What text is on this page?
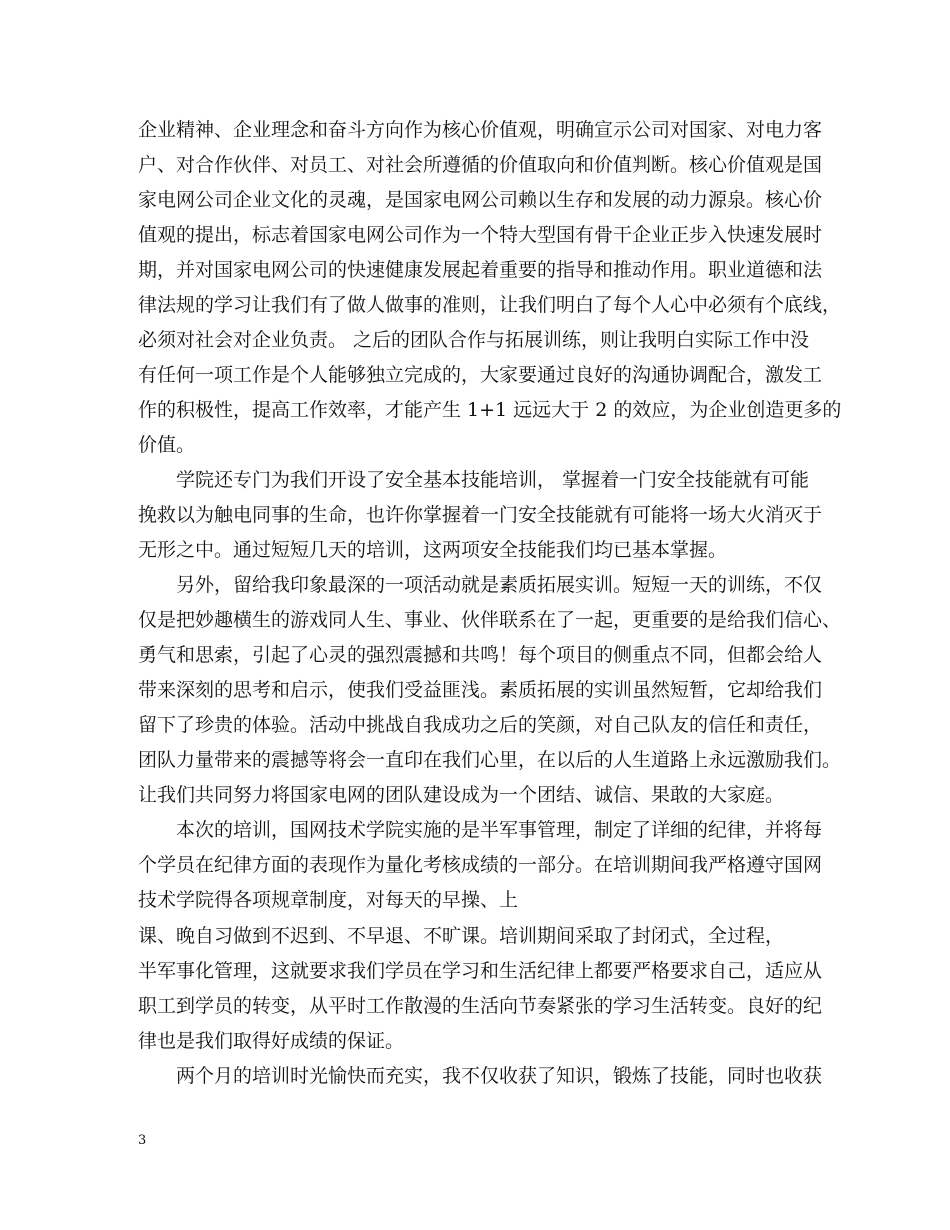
企业精神、企业理念和奋斗方向作为核心价值观，明确宣示公司对国家、对电力客
户、对合作伙伴、对员工、对社会所遵循的价值取向和价值判断。核心价值观是国
家电网公司企业文化的灵魂，是国家电网公司赖以生存和发展的动力源泉。核心价
值观的提出，标志着国家电网公司作为一个特大型国有骨干企业正步入快速发展时
期，并对国家电网公司的快速健康发展起着重要的指导和推动作用。职业道德和法
律法规的学习让我们有了做人做事的准则，让我们明白了每个人心中必须有个底线，
必须对社会对企业负责。 之后的团队合作与拓展训练，则让我明白实际工作中没
有任何一项工作是个人能够独立完成的，大家要通过良好的沟通协调配合，激发工
作的积极性，提高工作效率，才能产生 1+1 远远大于 2 的效应，为企业创造更多的
价值。
学院还专门为我们开设了安全基本技能培训， 掌握着一门安全技能就有可能
挽救以为触电同事的生命，也许你掌握着一门安全技能就有可能将一场大火消灭于
无形之中。通过短短几天的培训，这两项安全技能我们均已基本掌握。
另外，留给我印象最深的一项活动就是素质拓展实训。短短一天的训练，不仅
仅是把妙趣横生的游戏同人生、事业、伙伴联系在了一起，更重要的是给我们信心、
勇气和思索，引起了心灵的强烈震撼和共鸣！每个项目的侧重点不同，但都会给人
带来深刻的思考和启示，使我们受益匪浅。素质拓展的实训虽然短暂，它却给我们
留下了珍贵的体验。活动中挑战自我成功之后的笑颜，对自己队友的信任和责任，
团队力量带来的震撼等将会一直印在我们心里，在以后的人生道路上永远激励我们。
让我们共同努力将国家电网的团队建设成为一个团结、诚信、果敢的大家庭。
本次的培训，国网技术学院实施的是半军事管理，制定了详细的纪律，并将每
个学员在纪律方面的表现作为量化考核成绩的一部分。在培训期间我严格遵守国网
技术学院得各项规章制度，对每天的早操、上
课、晚自习做到不迟到、不早退、不旷课。培训期间采取了封闭式，全过程，
半军事化管理，这就要求我们学员在学习和生活纪律上都要严格要求自己，适应从
职工到学员的转变，从平时工作散漫的生活向节奏紧张的学习生活转变。良好的纪
律也是我们取得好成绩的保证。
两个月的培训时光愉快而充实，我不仅收获了知识，锻炼了技能，同时也收获
3
